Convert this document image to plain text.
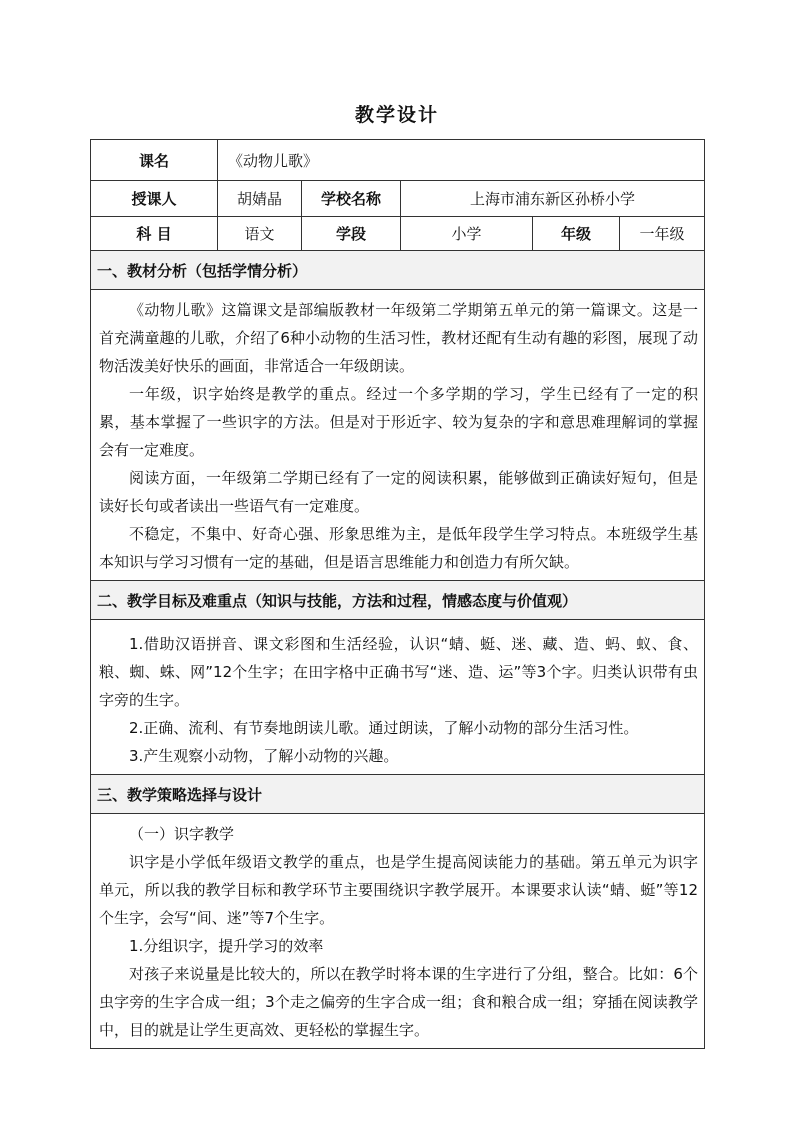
教学设计
课名	《动物儿歌》				
授课人	胡婧晶	学校名称	上海市浦东新区孙桥小学		
科 目	语文	学段	小学	年级	一年级
一、教材分析（包括学情分析）					

《动物儿歌》这篇课文是部编版教材一年级第二学期第五单元的第一篇课文。这是一首充满童趣的儿歌，介绍了6种小动物的生活习性，教材还配有生动有趣的彩图，展现了动物活泼美好快乐的画面，非常适合一年级朗读。

一年级，识字始终是教学的重点。经过一个多学期的学习，学生已经有了一定的积累，基本掌握了一些识字的方法。但是对于形近字、较为复杂的字和意思难理解词的掌握会有一定难度。

阅读方面，一年级第二学期已经有了一定的阅读积累，能够做到正确读好短句，但是读好长句或者读出一些语气有一定难度。

不稳定，不集中、好奇心强、形象思维为主，是低年段学生学习特点。本班级学生基本知识与学习习惯有一定的基础，但是语言思维能力和创造力有所欠缺。					

二、教学目标及难重点（知识与技能，方法和过程，情感态度与价值观）					

1.借助汉语拼音、课文彩图和生活经验，认识“蜻、蜓、迷、藏、造、蚂、蚁、食、粮、蜘、蛛、网”12个生字；在田字格中正确书写“迷、造、运”等3个字。归类认识带有虫字旁的生字。

2.正确、流利、有节奏地朗读儿歌。通过朗读，了解小动物的部分生活习性。

3.产生观察小动物，了解小动物的兴趣。					

三、教学策略选择与设计					

（一）识字教学

识字是小学低年级语文教学的重点，也是学生提高阅读能力的基础。第五单元为识字单元，所以我的教学目标和教学环节主要围绕识字教学展开。本课要求认读“蜻、蜓”等12个生字，会写“间、迷”等7个生字。

1.分组识字，提升学习的效率

对孩子来说量是比较大的，所以在教学时将本课的生字进行了分组，整合。比如：6个虫字旁的生字合成一组；3个走之偏旁的生字合成一组；食和粮合成一组；穿插在阅读教学中，目的就是让学生更高效、更轻松的掌握生字。					
